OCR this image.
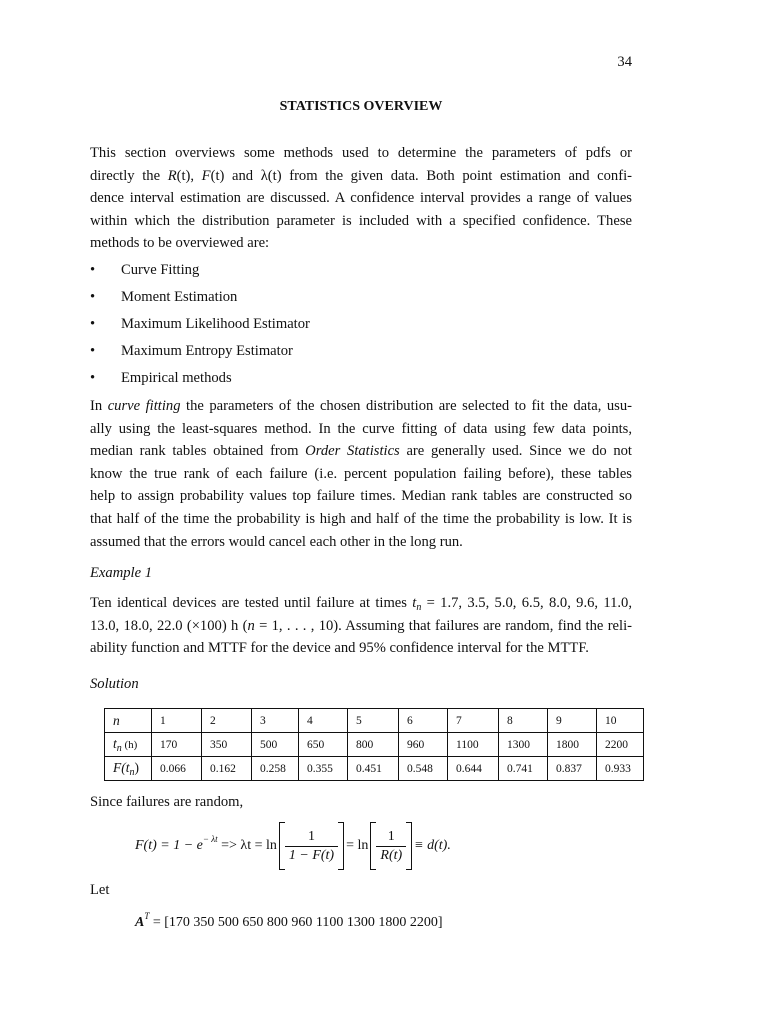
34
STATISTICS OVERVIEW
This section overviews some methods used to determine the parameters of pdfs or
directly the R(t), F(t) and λ(t) from the given data. Both point estimation and confi-
dence interval estimation are discussed. A confidence interval provides a range of values
within which the distribution parameter is included with a specified confidence. These
methods to be overviewed are:
•	Curve Fitting
•	Moment Estimation
•	Maximum Likelihood Estimator
•	Maximum Entropy Estimator
•	Empirical methods
In curve fitting the parameters of the chosen distribution are selected to fit the data, usu-
ally using the least-squares method. In the curve fitting of data using few data points,
median rank tables obtained from Order Statistics are generally used. Since we do not
know the true rank of each failure (i.e. percent population failing before), these tables
help to assign probability values top failure times. Median rank tables are constructed so
that half of the time the probability is high and half of the time the probability is low. It is
assumed that the errors would cancel each other in the long run.
Example 1
Ten identical devices are tested until failure at times $t_n = 1.7$, 3.5, 5.0, 6.5, 8.0, 9.6, 11.0,
13.0, 18.0, 22.0 (×100) h (n = 1, . . . , 10). Assuming that failures are random, find the reli-
ability function and MTTF for the device and 95% confidence interval for the MTTF.
Solution
n	1	2	3	4	5	6	7	8	9	10
$t_n$ (h)	170	350	500	650	800	960	1100	1300	1800	2200
$F(t_n)$	0.066	0.162	0.258	0.355	0.451	0.548	0.644	0.741	0.837	0.933
Since failures are random,
$F(t) = 1 - e^{- \lambda t} => \lambda t = \ln \frac{1}{1 - F(t)} = \ln \frac{1}{R(t)} \equiv d(t)$.
Let
$A^T = [170$ 350 500 650 800 960 1100 1300 1800 2200]
